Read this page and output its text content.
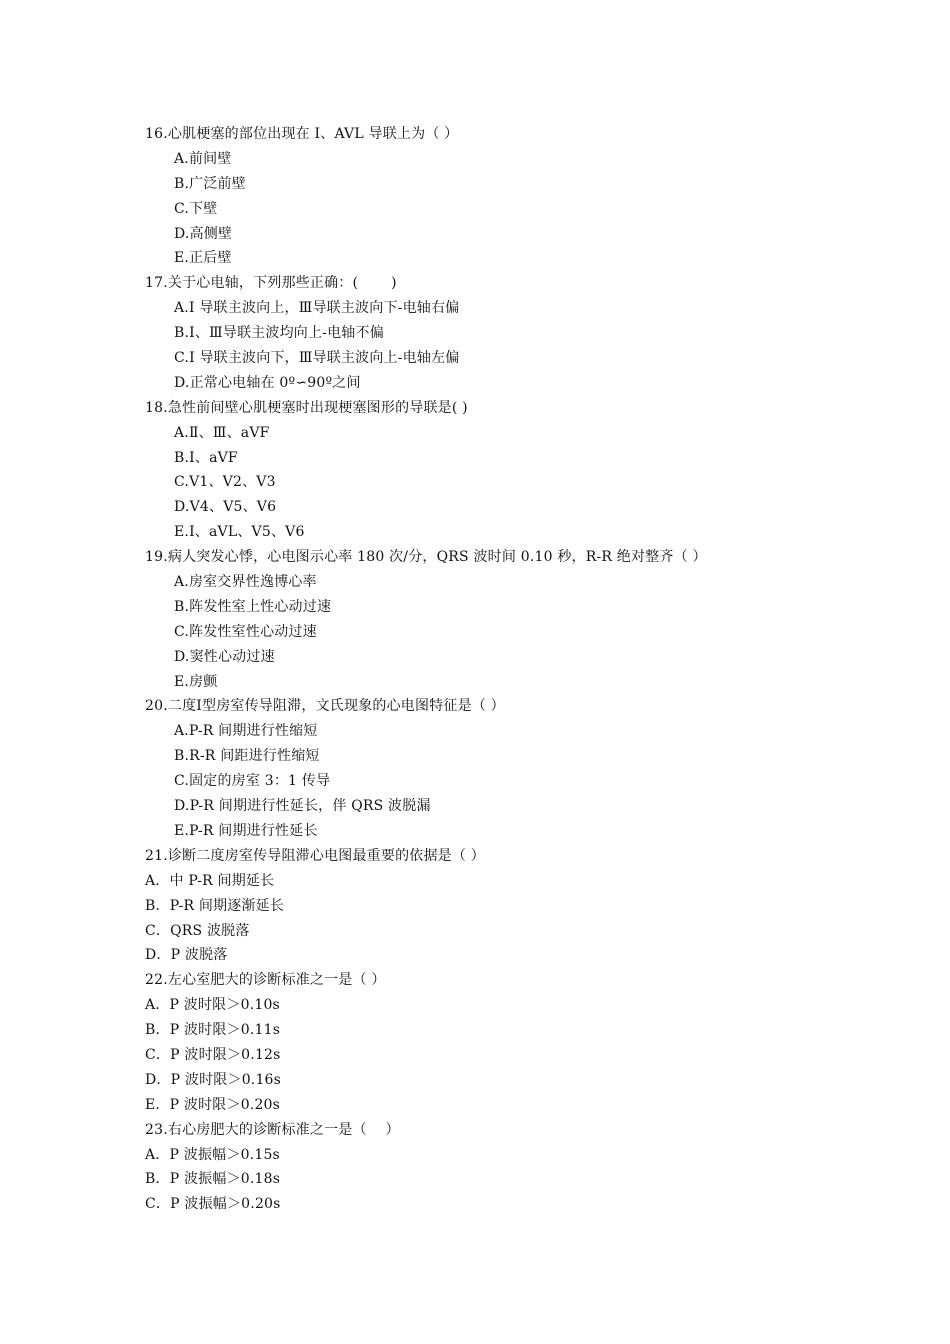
16.心肌梗塞的部位出现在 I、AVL 导联上为（ ）
A.前间壁
B.广泛前壁
C.下壁
D.高侧壁
E.正后壁
17.关于心电轴，下列那些正确：(　　 )
A.Ⅰ 导联主波向上，Ⅲ导联主波向下-电轴右偏
B.Ⅰ、Ⅲ导联主波均向上-电轴不偏
C.Ⅰ 导联主波向下，Ⅲ导联主波向上-电轴左偏
D.正常心电轴在 0º∽90º之间
18.急性前间壁心肌梗塞时出现梗塞图形的导联是( )
A.Ⅱ、Ⅲ、aVF
B.Ⅰ、aVF
C.V1、V2、V3
D.V4、V5、V6
E.Ⅰ、aVL、V5、V6
19.病人突发心悸，心电图示心率 180 次/分，QRS 波时间 0.10 秒，R-R 绝对整齐（ ）
A.房室交界性逸博心率
B.阵发性室上性心动过速
C.阵发性室性心动过速
D.窦性心动过速
E.房颤
20.二度Ⅰ型房室传导阻滞，文氏现象的心电图特征是（ ）
A.P-R 间期进行性缩短
B.R-R 间距进行性缩短
C.固定的房室 3：1 传导
D.P-R 间期进行性延长，伴 QRS 波脱漏
E.P-R 间期进行性延长
21.诊断二度房室传导阻滞心电图最重要的依据是（ ）
A．中 P-R 间期延长
B．P-R 间期逐渐延长
C．QRS 波脱落
D．P 波脱落
22.左心室肥大的诊断标准之一是（ ）
A．P 波时限＞0.10s
B．P 波时限＞0.11s
C．P 波时限＞0.12s
D．P 波时限＞0.16s
E．P 波时限＞0.20s
23.右心房肥大的诊断标准之一是（　 ）
A．P 波振幅＞0.15s
B．P 波振幅＞0.18s
C．P 波振幅＞0.20s
